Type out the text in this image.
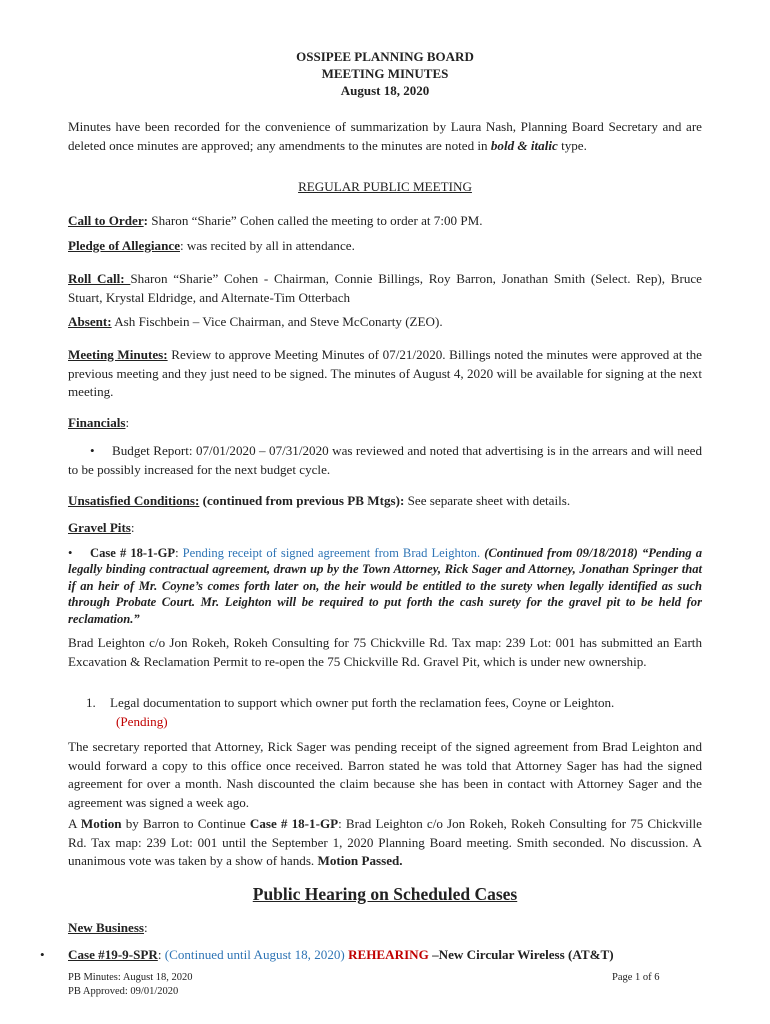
OSSIPEE PLANNING BOARD
MEETING MINUTES
August 18, 2020

Minutes have been recorded for the convenience of summarization by Laura Nash, Planning Board Secretary and are deleted once minutes are approved; any amendments to the minutes are noted in bold & italic type.

REGULAR PUBLIC MEETING

Call to Order: Sharon “Sharie” Cohen called the meeting to order at 7:00 PM.

Pledge of Allegiance: was recited by all in attendance.

Roll Call: Sharon “Sharie” Cohen - Chairman, Connie Billings, Roy Barron, Jonathan Smith (Select. Rep), Bruce Stuart, Krystal Eldridge, and Alternate-Tim Otterbach

Absent: Ash Fischbein – Vice Chairman, and Steve McConarty (ZEO).

Meeting Minutes: Review to approve Meeting Minutes of 07/21/2020. Billings noted the minutes were approved at the previous meeting and they just need to be signed. The minutes of August 4, 2020 will be available for signing at the next meeting.

Financials:

• Budget Report: 07/01/2020 – 07/31/2020 was reviewed and noted that advertising is in the arrears and will need to be possibly increased for the next budget cycle.

Unsatisfied Conditions: (continued from previous PB Mtgs): See separate sheet with details.

Gravel Pits:

• Case # 18-1-GP: Pending receipt of signed agreement from Brad Leighton. (Continued from 09/18/2018) “Pending a legally binding contractual agreement, drawn up by the Town Attorney, Rick Sager and Attorney, Jonathan Springer that if an heir of Mr. Coyne’s comes forth later on, the heir would be entitled to the surety when legally identified as such through Probate Court. Mr. Leighton will be required to put forth the cash surety for the gravel pit to be held for reclamation.”

Brad Leighton c/o Jon Rokeh, Rokeh Consulting for 75 Chickville Rd. Tax map: 239 Lot: 001 has submitted an Earth Excavation & Reclamation Permit to re-open the 75 Chickville Rd. Gravel Pit, which is under new ownership.

1. Legal documentation to support which owner put forth the reclamation fees, Coyne or Leighton.
(Pending)

The secretary reported that Attorney, Rick Sager was pending receipt of the signed agreement from Brad Leighton and would forward a copy to this office once received. Barron stated he was told that Attorney Sager has had the signed agreement for over a month. Nash discounted the claim because she has been in contact with Attorney Sager and the agreement was signed a week ago.

A Motion by Barron to Continue Case # 18-1-GP: Brad Leighton c/o Jon Rokeh, Rokeh Consulting for 75 Chickville Rd. Tax map: 239 Lot: 001 until the September 1, 2020 Planning Board meeting. Smith seconded. No discussion. A unanimous vote was taken by a show of hands. Motion Passed.

Public Hearing on Scheduled Cases

New Business:

• Case #19-9-SPR: (Continued until August 18, 2020) REHEARING –New Circular Wireless (AT&T)

PB Minutes: August 18, 2020
PB Approved: 09/01/2020
Page 1 of 6
